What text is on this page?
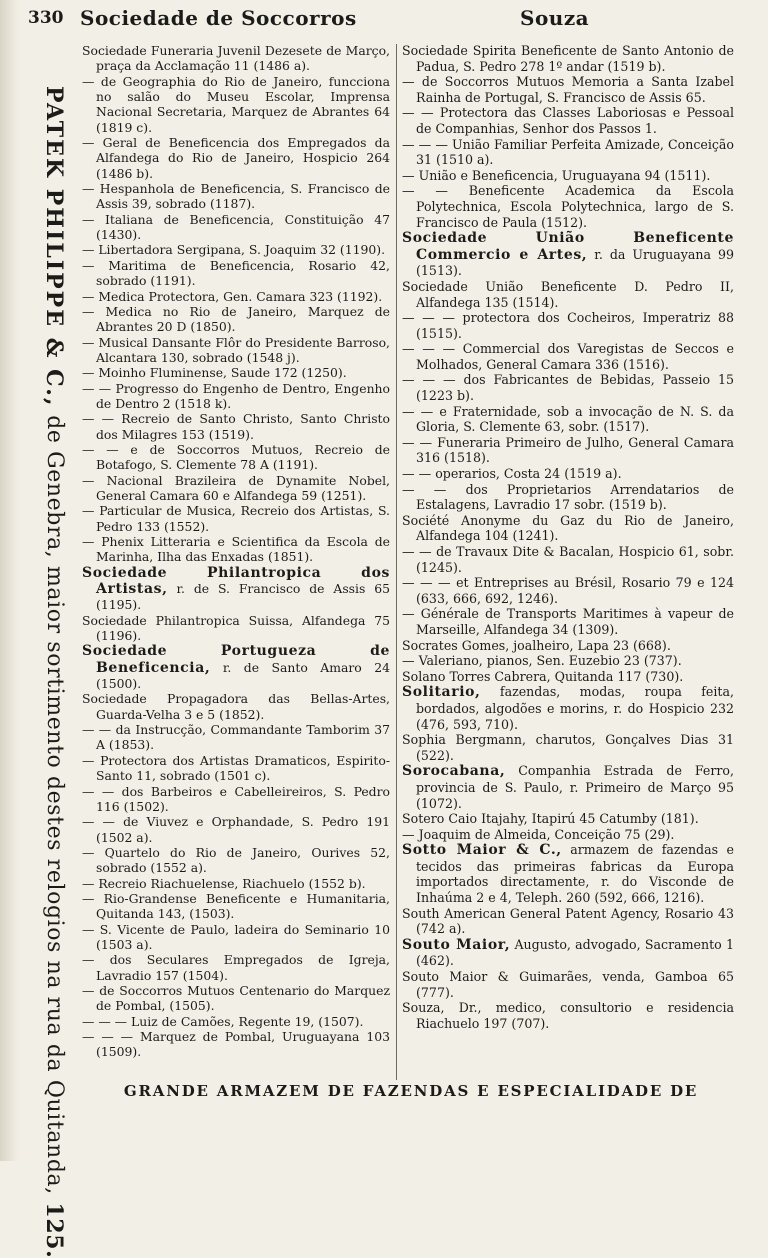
330 Sociedade de Soccorros	Souza
PATEK PHILIPPE & C., de Genebra, maior sortimento destes relogios na rua da Quitanda, 125.

Sociedade Funeraria Juvenil Dezesete de Março, praça da Acclamação 11 (1486 a).

— de Geographia do Rio de Janeiro, funcciona no salão do Museu Escolar, Imprensa Nacional Secretaria, Marquez de Abrantes 64 (1819 c).

— Geral de Beneficencia dos Empregados da Alfandega do Rio de Janeiro, Hospicio 264 (1486 b).

— Hespanhola de Beneficencia, S. Francisco de Assis 39, sobrado (1187).

— Italiana de Beneficencia, Constituição 47 (1430).

— Libertadora Sergipana, S. Joaquim 32 (1190).

— Maritima de Beneficencia, Rosario 42, sobrado (1191).

— Medica Protectora, Gen. Camara 323 (1192).

— Medica no Rio de Janeiro, Marquez de Abrantes 20 D (1850).

— Musical Dansante Flôr do Presidente Barroso, Alcantara 130, sobrado (1548 j).

— Moinho Fluminense, Saude 172 (1250).

— — Progresso do Engenho de Dentro, Engenho de Dentro 2 (1518 k).

— — Recreio de Santo Christo, Santo Christo dos Milagres 153 (1519).

— — e de Soccorros Mutuos, Recreio de Botafogo, S. Clemente 78 A (1191).

— Nacional Brazileira de Dynamite Nobel, General Camara 60 e Alfandega 59 (1251).

— Particular de Musica, Recreio dos Artistas, S. Pedro 133 (1552).

— Phenix Litteraria e Scientifica da Escola de Marinha, Ilha das Enxadas (1851).

Sociedade Philantropica dos Artistas, r. de S. Francisco de Assis 65 (1195).

Sociedade Philantropica Suissa, Alfandega 75 (1196).

Sociedade Portugueza de Beneficencia, r. de Santo Amaro 24 (1500).

Sociedade Propagadora das Bellas-Artes, Guarda-Velha 3 e 5 (1852).

— — da Instrucção, Commandante Tamborim 37 A (1853).

— Protectora dos Artistas Dramaticos, Espirito-Santo 11, sobrado (1501 c).

— — dos Barbeiros e Cabelleireiros, S. Pedro 116 (1502).

— — de Viuvez e Orphandade, S. Pedro 191 (1502 a).

— Quartelo do Rio de Janeiro, Ourives 52, sobrado (1552 a).

— Recreio Riachuelense, Riachuelo (1552 b).

— Rio-Grandense Beneficente e Humanitaria, Quitanda 143, (1503).

— S. Vicente de Paulo, ladeira do Seminario 10 (1503 a).

— dos Seculares Empregados de Igreja, Lavradio 157 (1504).

— de Soccorros Mutuos Centenario do Marquez de Pombal, (1505).

— — — Luiz de Camões, Regente 19, (1507).

— — — Marquez de Pombal, Uruguayana 103 (1509).

Sociedade Spirita Beneficente de Santo Antonio de Padua, S. Pedro 278 1º andar (1519 b).

— de Soccorros Mutuos Memoria a Santa Izabel Rainha de Portugal, S. Francisco de Assis 65.

— — Protectora das Classes Laboriosas e Pessoal de Companhias, Senhor dos Passos 1.

— — — União Familiar Perfeita Amizade, Conceição 31 (1510 a).

— União e Beneficencia, Uruguayana 94 (1511).

— — Beneficente Academica da Escola Polytechnica, Escola Polytechnica, largo de S. Francisco de Paula (1512).

Sociedade União Beneficente Commercio e Artes, r. da Uruguayana 99 (1513).

Sociedade União Beneficente D. Pedro II, Alfandega 135 (1514).

— — — protectora dos Cocheiros, Imperatriz 88 (1515).

— — — Commercial dos Varegistas de Seccos e Molhados, General Camara 336 (1516).

— — — dos Fabricantes de Bebidas, Passeio 15 (1223 b).

— — e Fraternidade, sob a invocação de N. S. da Gloria, S. Clemente 63, sobr. (1517).

— — Funeraria Primeiro de Julho, General Camara 316 (1518).

— — operarios, Costa 24 (1519 a).

— — dos Proprietarios Arrendatarios de Estalagens, Lavradio 17 sobr. (1519 b).

Société Anonyme du Gaz du Rio de Janeiro, Alfandega 104 (1241).

— — de Travaux Dite & Bacalan, Hospicio 61, sobr. (1245).

— — — et Entreprises au Brésil, Rosario 79 e 124 (633, 666, 692, 1246).

— Générale de Transports Maritimes à vapeur de Marseille, Alfandega 34 (1309).

Socrates Gomes, joalheiro, Lapa 23 (668).

— Valeriano, pianos, Sen. Euzebio 23 (737).

Solano Torres Cabrera, Quitanda 117 (730).

Solitario, fazendas, modas, roupa feita, bordados, algodões e morins, r. do Hospicio 232 (476, 593, 710).

Sophia Bergmann, charutos, Gonçalves Dias 31 (522).

Sorocabana, Companhia Estrada de Ferro, provincia de S. Paulo, r. Primeiro de Março 95 (1072).

Sotero Caio Itajahy, Itapirú 45 Catumby (181).

— Joaquim de Almeida, Conceição 75 (29).

Sotto Maior & C., armazem de fazendas e tecidos das primeiras fabricas da Europa importados directamente, r. do Visconde de Inhaúma 2 e 4, Teleph. 260 (592, 666, 1216).

South American General Patent Agency, Rosario 43 (742 a).

Souto Maior, Augusto, advogado, Sacramento 1 (462).

Souto Maior & Guimarães, venda, Gamboa 65 (777).

Souza, Dr., medico, consultorio e residencia Riachuelo 197 (707).

GRANDE ARMAZEM DE FAZENDAS E ESPECIALIDADE DE
